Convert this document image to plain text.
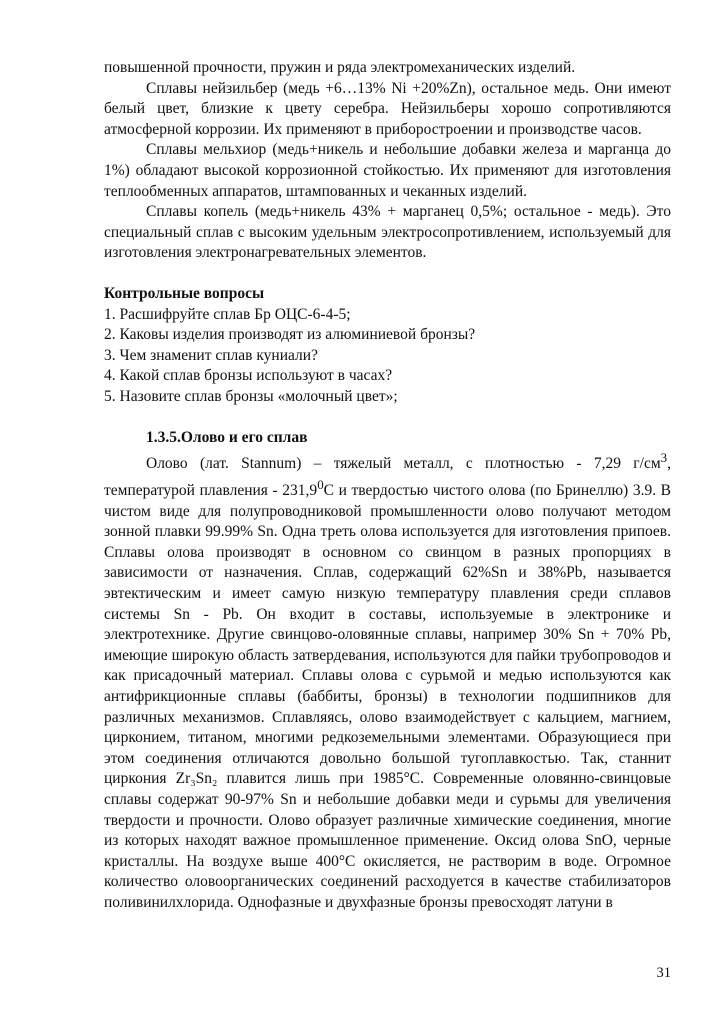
повышенной прочности, пружин и ряда электромеханических изделий.

Сплавы нейзильбер (медь +6…13% Ni +20%Zn), остальное медь. Они имеют белый цвет, близкие к цвету серебра. Нейзильберы хорошо сопротивляются атмосферной коррозии. Их применяют в приборостроении и производстве часов.

Сплавы мельхиор (медь+никель и небольшие добавки железа и марганца до 1%) обладают высокой коррозионной стойкостью. Их применяют для изготовления теплообменных аппаратов, штампованных и чеканных изделий.

Сплавы копель (медь+никель 43% + марганец 0,5%; остальное - медь). Это специальный сплав с высоким удельным электросопротивлением, используемый для изготовления электронагревательных элементов.

Контрольные вопросы
1. Расшифруйте сплав Бр ОЦС-6-4-5;
2. Каковы изделия производят из алюминиевой бронзы?
3. Чем знаменит сплав куниали?
4. Какой сплав бронзы используют в часах?
5. Назовите сплав бронзы «молочный цвет»;
1.3.5.Олово и его сплав

Олово (лат. Stannum) – тяжелый металл, с плотностью - 7,29 $г/см^3$, температурой плавления - 231,9$^0$С и твердостью чистого олова (по Бринеллю) 3.9. В чистом виде для полупроводниковой промышленности олово получают методом зонной плавки 99.99% Sn. Одна треть олова используется для изготовления припоев. Сплавы олова производят в основном со свинцом в разных пропорциях в зависимости от назначения. Сплав, содержащий 62%Sn и 38%Pb, называется эвтектическим и имеет самую низкую температуру плавления среди сплавов системы Sn - Pb. Он входит в составы, используемые в электронике и электротехнике. Другие свинцово-оловянные сплавы, например 30% Sn + 70% Pb, имеющие широкую область затвердевания, используются для пайки трубопроводов и как присадочный материал. Сплавы олова с сурьмой и медью используются как антифрикционные сплавы (баббиты, бронзы) в технологии подшипников для различных механизмов. Сплавляясь, олово взаимодействует с кальцием, магнием, цирконием, титаном, многими редкоземельными элементами. Образующиеся при этом соединения отличаются довольно большой тугоплавкостью. Так, станнит циркония Zr₃Sn₂ плавится лишь при 1985°С. Современные оловянно-свинцовые сплавы содержат 90-97% Sn и небольшие добавки меди и сурьмы для увеличения твердости и прочности. Олово образует различные химические соединения, многие из которых находят важное промышленное применение. Оксид олова SnO, черные кристаллы. На воздухе выше 400°С окисляется, не растворим в воде. Огромное количество оловоорганических соединений расходуется в качестве стабилизаторов поливинилхлорида. Однофазные и двухфазные бронзы превосходят латуни в

31
